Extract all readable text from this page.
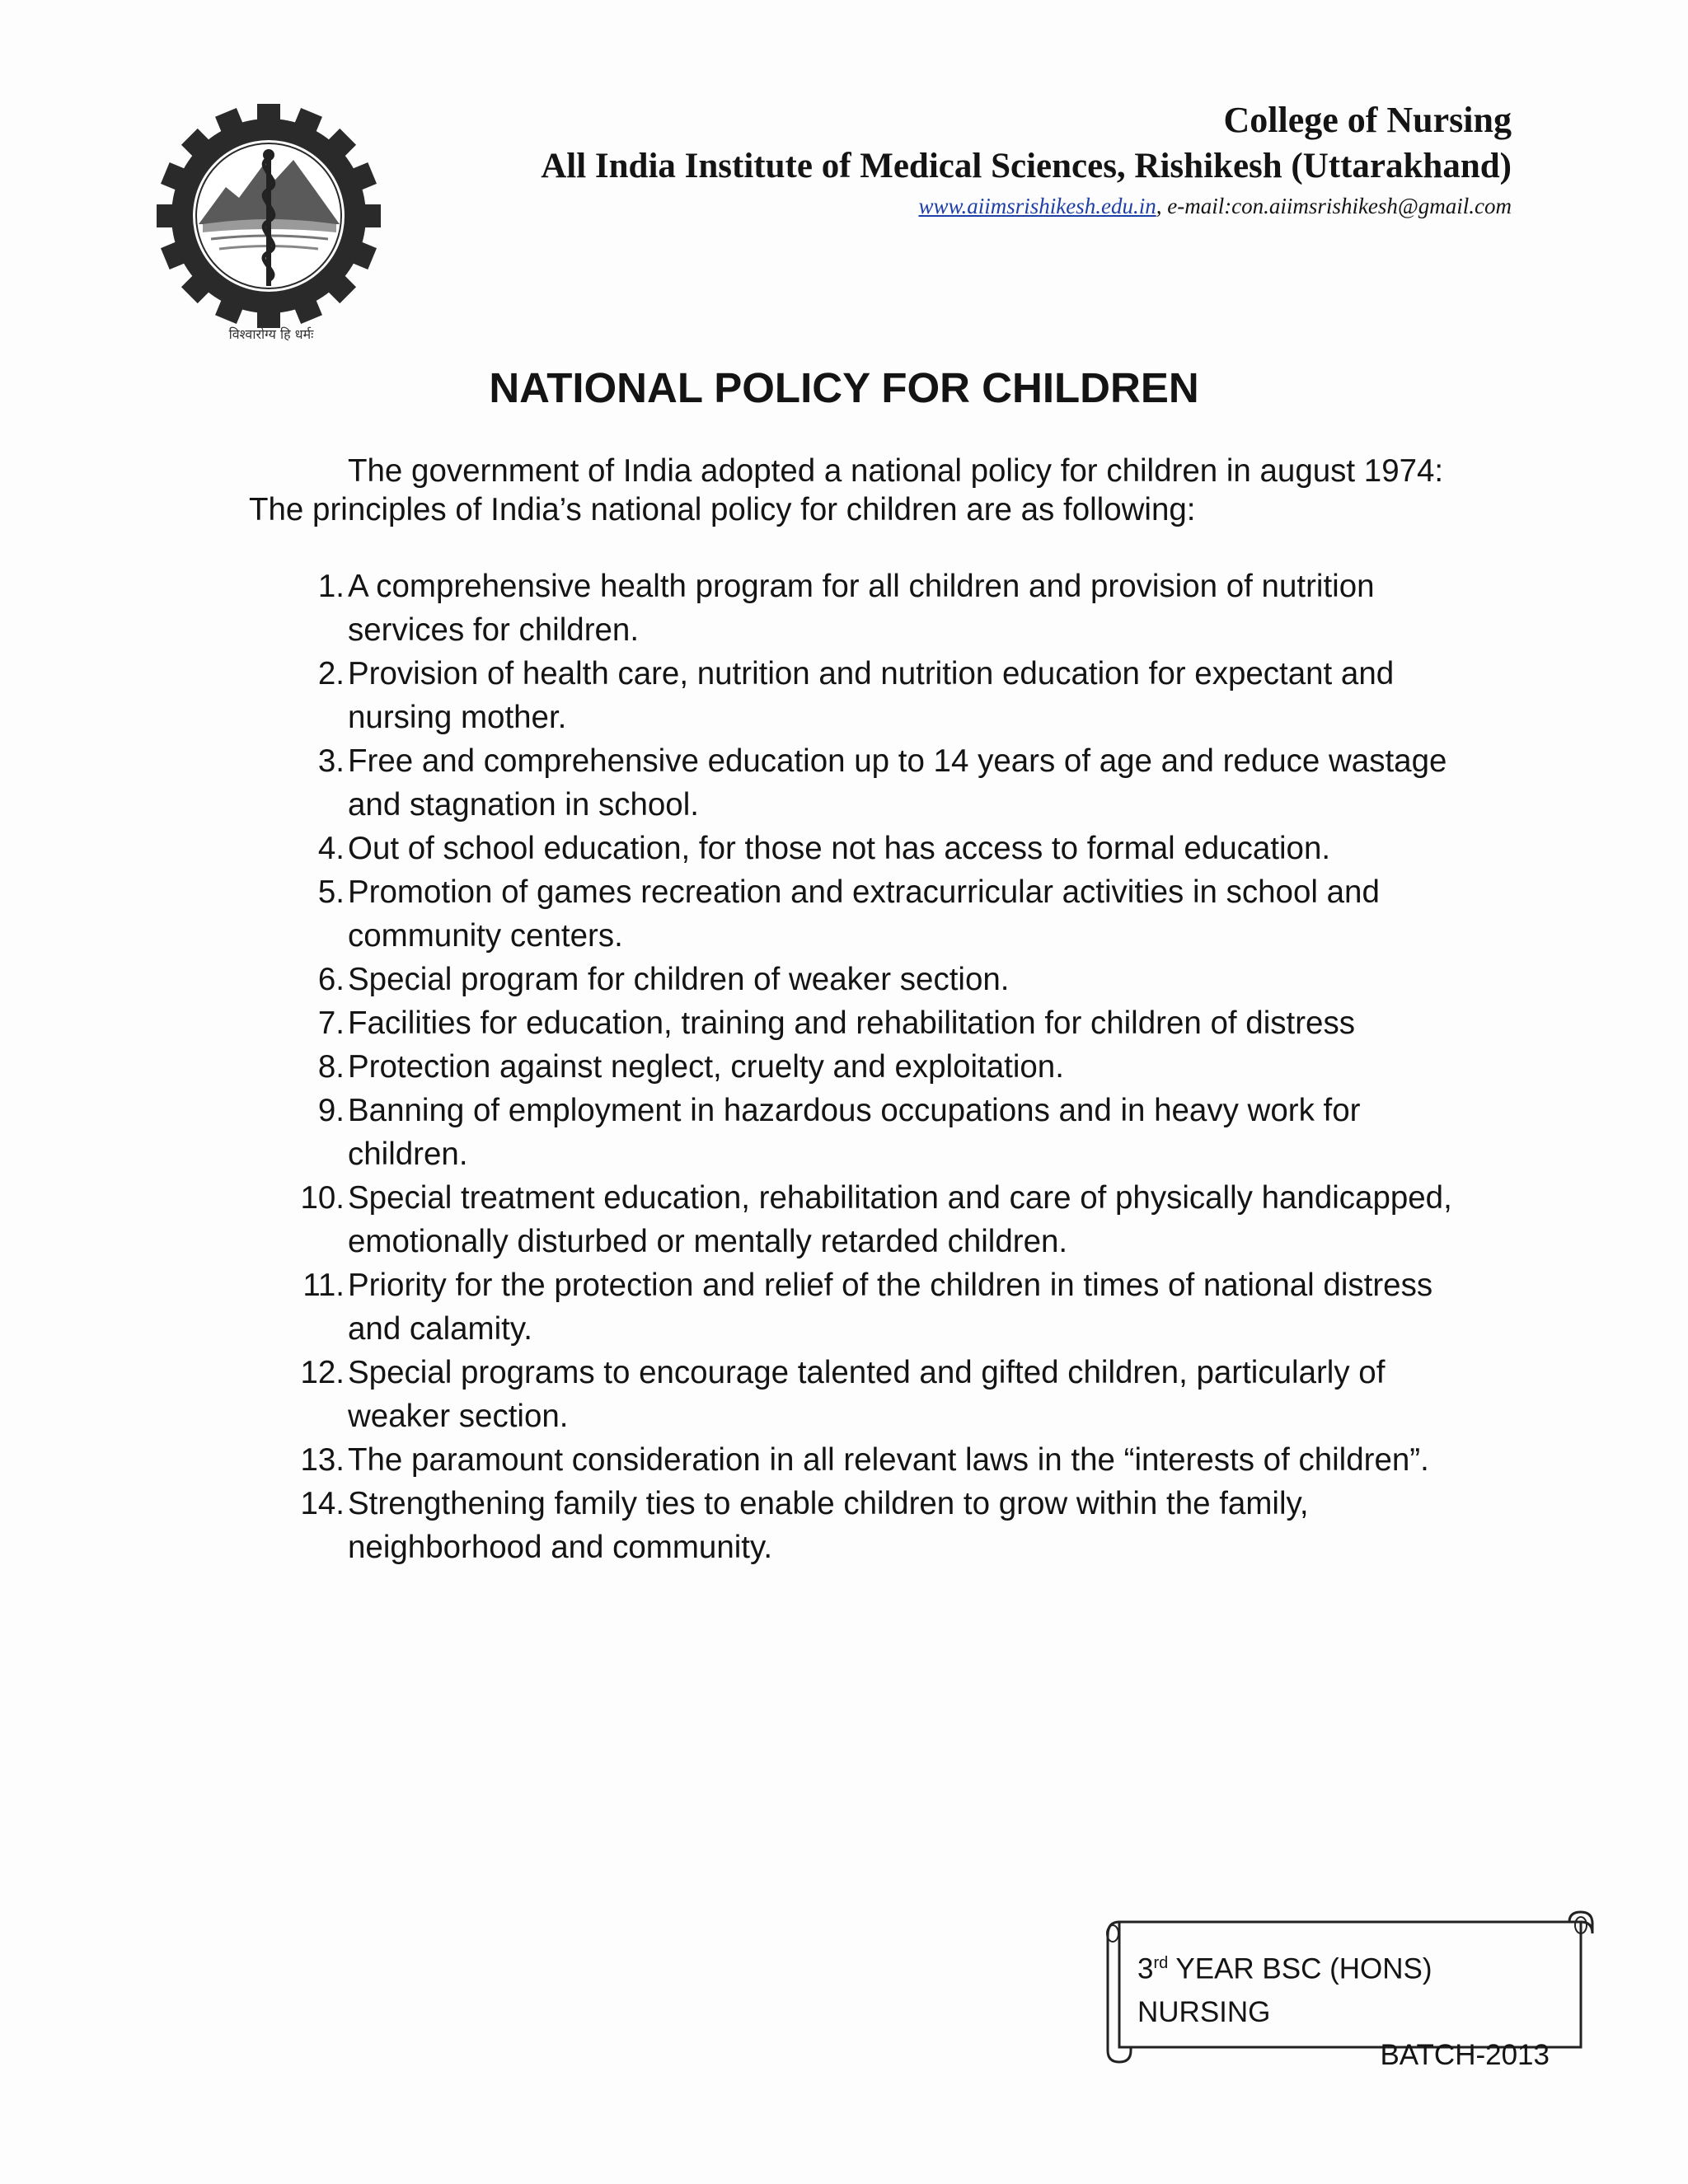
विश्वारोग्य हि धर्मः
College of Nursing
All India Institute of Medical Sciences, Rishikesh (Uttarakhand)
www.aiimsrishikesh.edu.in, e-mail:con.aiimsrishikesh@gmail.com
NATIONAL POLICY FOR CHILDREN
The government of India adopted a national policy for children in august 1974: The principles of India’s national policy for children are as following:
1. A comprehensive health program for all children and provision of nutrition services for children.
2. Provision of health care, nutrition and nutrition education for expectant and nursing mother.
3. Free and comprehensive education up to 14 years of age and reduce wastage and stagnation in school.
4. Out of school education, for those not has access to formal education.
5. Promotion of games recreation and extracurricular activities in school and community centers.
6. Special program for children of weaker section.
7. Facilities for education, training and rehabilitation for children of distress
8. Protection against neglect, cruelty and exploitation.
9. Banning of employment in hazardous occupations and in heavy work for children.
10. Special treatment education, rehabilitation and care of physically handicapped, emotionally disturbed or mentally retarded children.
11. Priority for the protection and relief of the children in times of national distress and calamity.
12. Special programs to encourage talented and gifted children, particularly of weaker section.
13. The paramount consideration in all relevant laws in the “interests of children”.
14. Strengthening family ties to enable children to grow within the family, neighborhood and community.
3rd YEAR BSC (HONS) NURSING
BATCH-2013
